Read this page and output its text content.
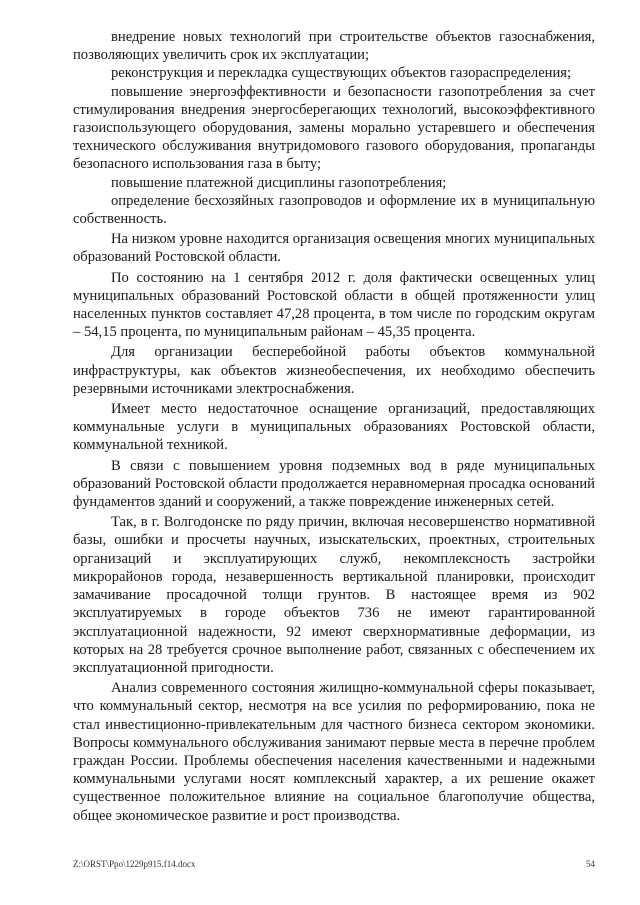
внедрение новых технологий при строительстве объектов газоснабжения, позволяющих увеличить срок их эксплуатации;

реконструкция и перекладка существующих объектов газораспределения;

повышение энергоэффективности и безопасности газопотребления за счет стимулирования внедрения энергосберегающих технологий, высокоэффективного газоиспользующего оборудования, замены морально устаревшего и обеспечения технического обслуживания внутридомового газового оборудования, пропаганды безопасного использования газа в быту;

повышение платежной дисциплины газопотребления;

определение бесхозяйных газопроводов и оформление их в муниципальную собственность.

На низком уровне находится организация освещения многих муниципальных образований Ростовской области.

По состоянию на 1 сентября 2012 г. доля фактически освещенных улиц муниципальных образований Ростовской области в общей протяженности улиц населенных пунктов составляет 47,28 процента, в том числе по городским округам – 54,15 процента, по муниципальным районам – 45,35 процента.

Для организации бесперебойной работы объектов коммунальной инфраструктуры, как объектов жизнеобеспечения, их необходимо обеспечить резервными источниками электроснабжения.

Имеет место недостаточное оснащение организаций, предоставляющих коммунальные услуги в муниципальных образованиях Ростовской области, коммунальной техникой.

В связи с повышением уровня подземных вод в ряде муниципальных образований Ростовской области продолжается неравномерная просадка оснований фундаментов зданий и сооружений, а также повреждение инженерных сетей.

Так, в г. Волгодонске по ряду причин, включая несовершенство нормативной базы, ошибки и просчеты научных, изыскательских, проектных, строительных организаций и эксплуатирующих служб, некомплексность застройки микрорайонов города, незавершенность вертикальной планировки, происходит замачивание просадочной толщи грунтов. В настоящее время из 902 эксплуатируемых в городе объектов 736 не имеют гарантированной эксплуатационной надежности, 92 имеют сверхнормативные деформации, из которых на 28 требуется срочное выполнение работ, связанных с обеспечением их эксплуатационной пригодности.

Анализ современного состояния жилищно-коммунальной сферы показывает, что коммунальный сектор, несмотря на все усилия по реформированию, пока не стал инвестиционно-привлекательным для частного бизнеса сектором экономики. Вопросы коммунального обслуживания занимают первые места в перечне проблем граждан России. Проблемы обеспечения населения качественными и надежными коммунальными услугами носят комплексный характер, а их решение окажет существенное положительное влияние на социальное благополучие общества, общее экономическое развитие и рост производства.

Z:\ORST\Ppo\1229p915.f14.docx	54
